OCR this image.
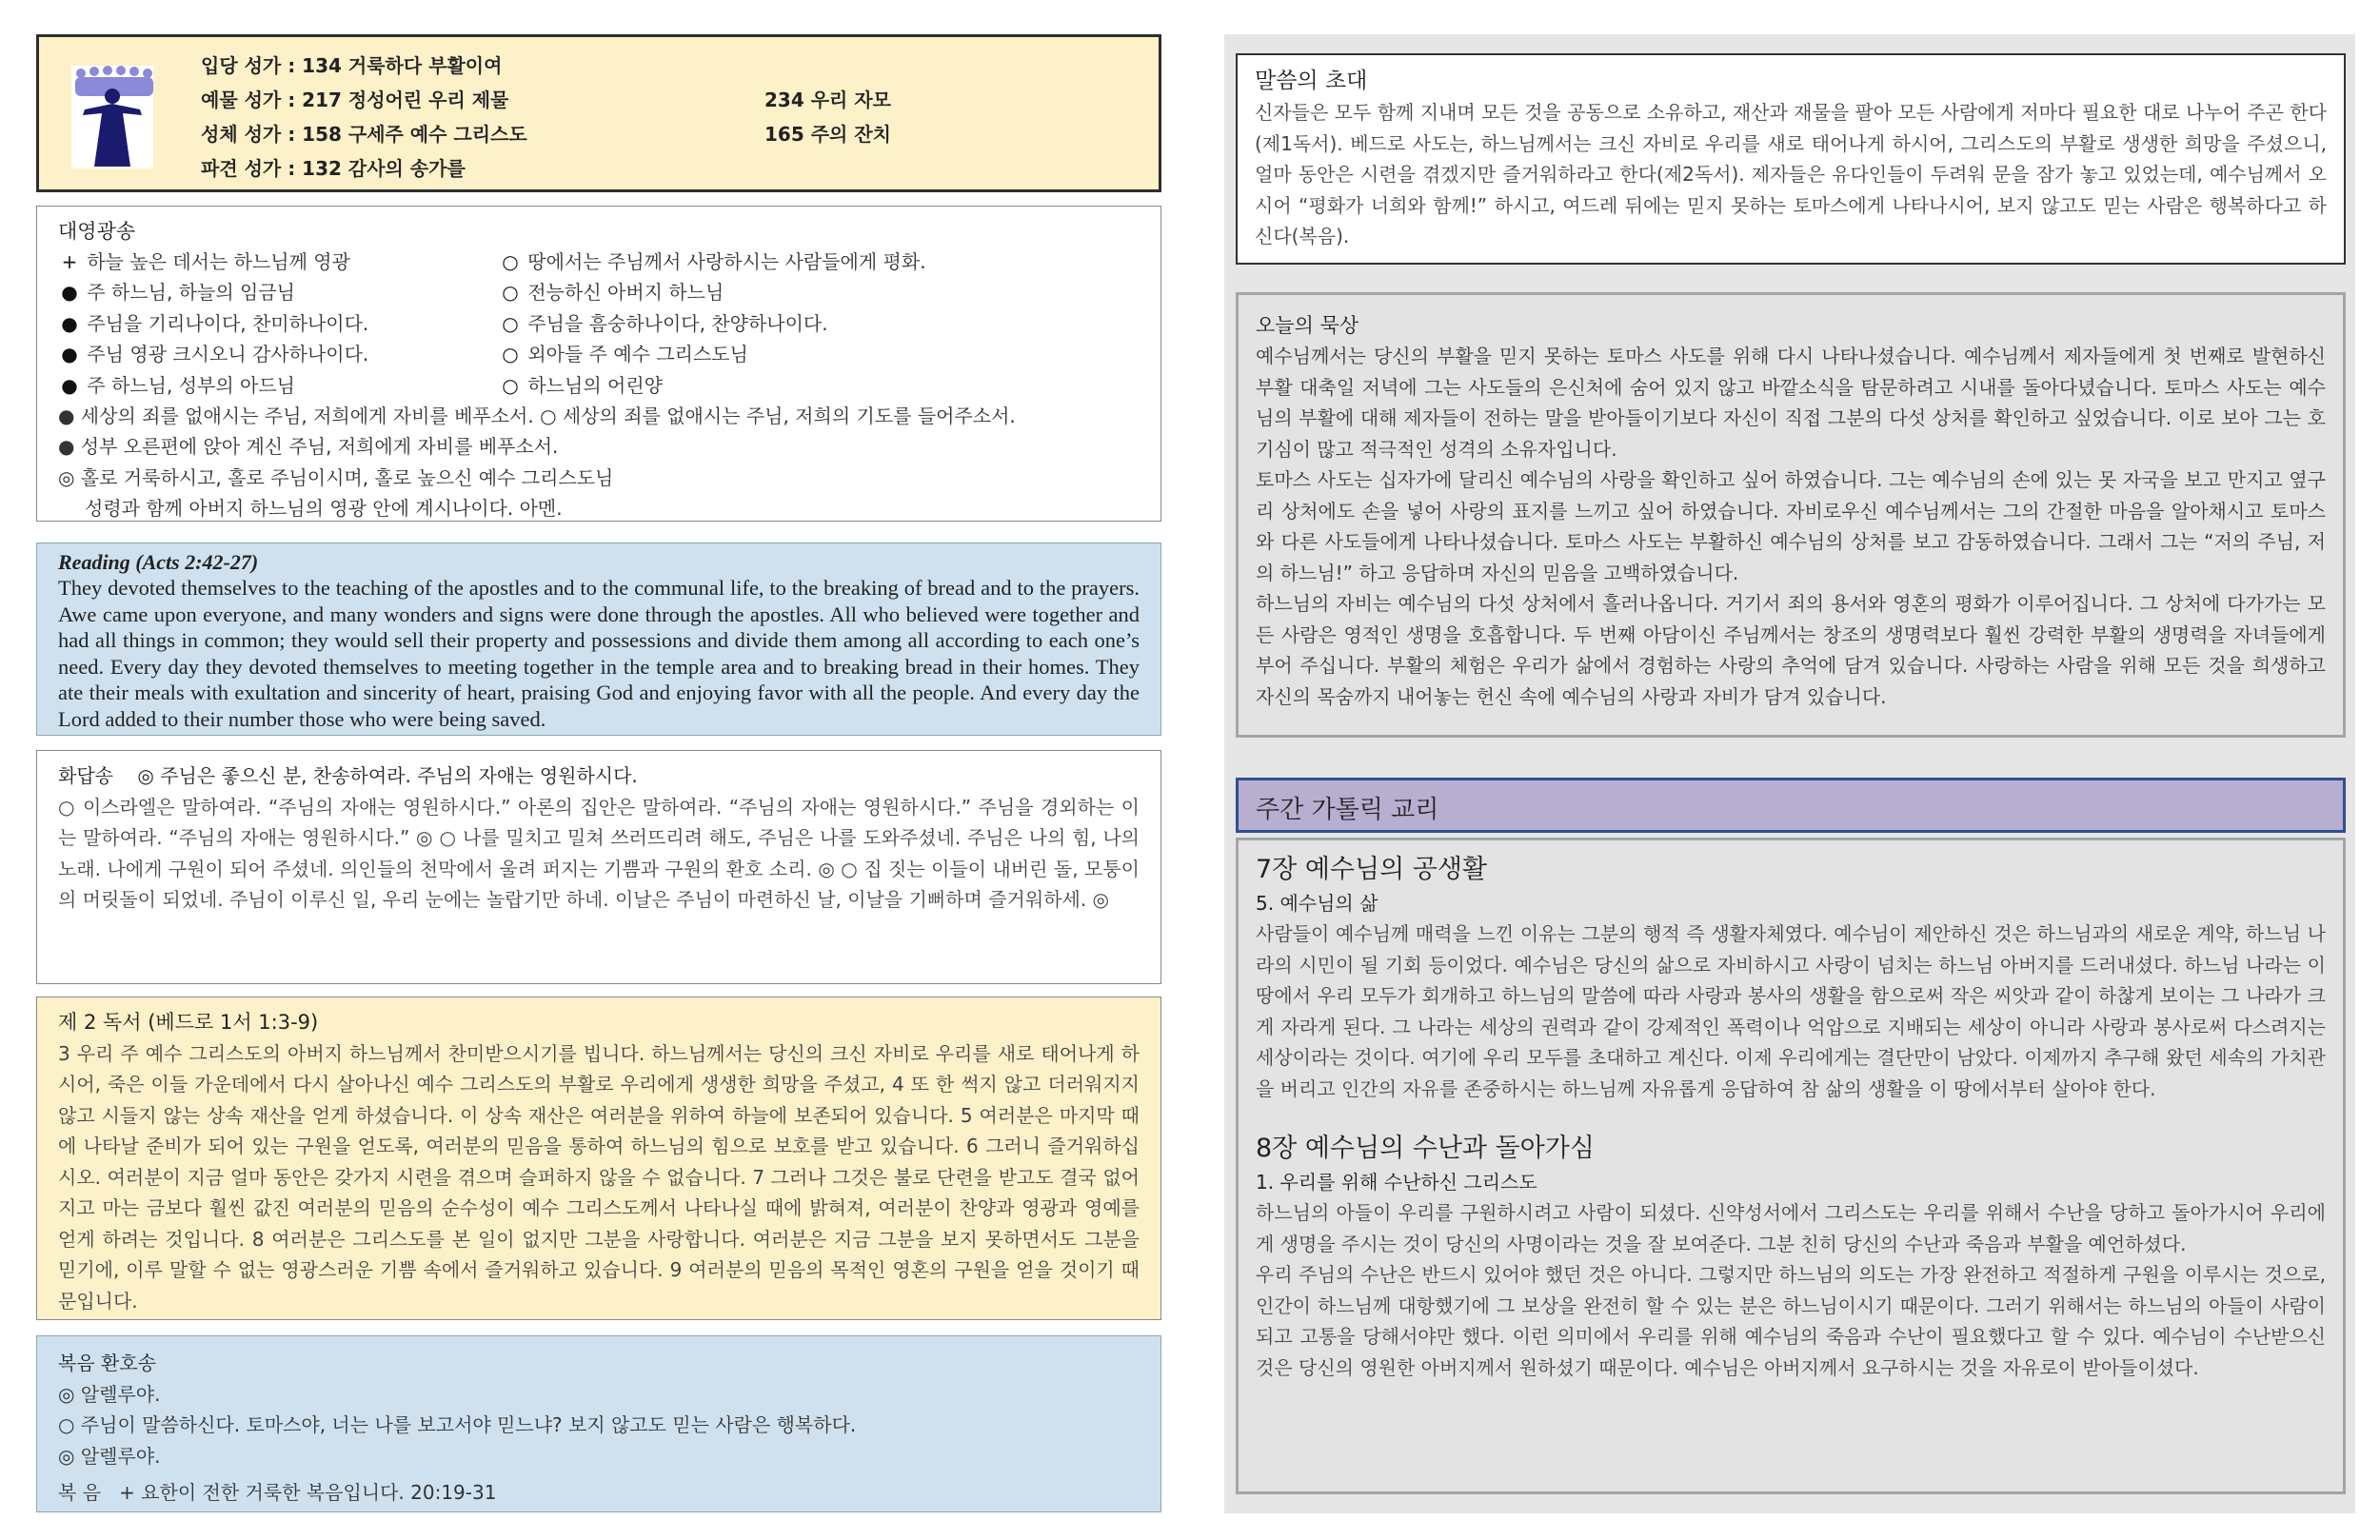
입당 성가 : 134 거룩하다 부활이여
예물 성가 : 217 정성어린 우리 제물	234 우리 자모
성체 성가 : 158 구세주 예수 그리스도	165 주의 잔치
파견 성가 : 132 감사의 송가를
대영광송
+ 하늘 높은 데서는 하느님께 영광	○ 땅에서는 주님께서 사랑하시는 사람들에게 평화.
● 주 하느님, 하늘의 임금님	○ 전능하신 아버지 하느님
● 주님을 기리나이다, 찬미하나이다.	○ 주님을 흠숭하나이다, 찬양하나이다.
● 주님 영광 크시오니 감사하나이다.	○ 외아들 주 예수 그리스도님
● 주 하느님, 성부의 아드님	○ 하느님의 어린양
● 세상의 죄를 없애시는 주님, 저희에게 자비를 베푸소서. ○ 세상의 죄를 없애시는 주님, 저희의 기도를 들어주소서.
● 성부 오른편에 앉아 계신 주님, 저희에게 자비를 베푸소서.
◎ 홀로 거룩하시고, 홀로 주님이시며, 홀로 높으신 예수 그리스도님
성령과 함께 아버지 하느님의 영광 안에 계시나이다. 아멘.
Reading (Acts 2:42-27)
They devoted themselves to the teaching of the apostles and to the communal life, to the breaking of bread and to the prayers. Awe came upon everyone, and many wonders and signs were done through the apostles. All who believed were together and had all things in common; they would sell their property and possessions and divide them among all according to each one’s need. Every day they devoted themselves to meeting together in the temple area and to breaking bread in their homes. They ate their meals with exultation and sincerity of heart, praising God and enjoying favor with all the people. And every day the Lord added to their number those who were being saved.
화답송 ◎ 주님은 좋으신 분, 찬송하여라. 주님의 자애는 영원하시다.
○ 이스라엘은 말하여라. “주님의 자애는 영원하시다.” 아론의 집안은 말하여라. “주님의 자애는 영원하시다.” 주님을 경외하는 이는 말하여라. “주님의 자애는 영원하시다.” ◎ ○ 나를 밀치고 밀쳐 쓰러뜨리려 해도, 주님은 나를 도와주셨네. 주님은 나의 힘, 나의 노래. 나에게 구원이 되어 주셨네. 의인들의 천막에서 울려 퍼지는 기쁨과 구원의 환호 소리. ◎ ○ 집 짓는 이들이 내버린 돌, 모퉁이의 머릿돌이 되었네. 주님이 이루신 일, 우리 눈에는 놀랍기만 하네. 이날은 주님이 마련하신 날, 이날을 기뻐하며 즐거워하세. ◎
제 2 독서 (베드로 1서 1:3-9)
3 우리 주 예수 그리스도의 아버지 하느님께서 찬미받으시기를 빕니다. 하느님께서는 당신의 크신 자비로 우리를 새로 태어나게 하시어, 죽은 이들 가운데에서 다시 살아나신 예수 그리스도의 부활로 우리에게 생생한 희망을 주셨고, 4 또 한 썩지 않고 더러워지지 않고 시들지 않는 상속 재산을 얻게 하셨습니다. 이 상속 재산은 여러분을 위하여 하늘에 보존되어 있습니다. 5 여러분은 마지막 때에 나타날 준비가 되어 있는 구원을 얻도록, 여러분의 믿음을 통하여 하느님의 힘으로 보호를 받고 있습니다. 6 그러니 즐거워하십시오. 여러분이 지금 얼마 동안은 갖가지 시련을 겪으며 슬퍼하지 않을 수 없습니다. 7 그러나 그것은 불로 단련을 받고도 결국 없어지고 마는 금보다 훨씬 값진 여러분의 믿음의 순수성이 예수 그리스도께서 나타나실 때에 밝혀져, 여러분이 찬양과 영광과 영예를 얻게 하려는 것입니다. 8 여러분은 그리스도를 본 일이 없지만 그분을 사랑합니다. 여러분은 지금 그분을 보지 못하면서도 그분을 믿기에, 이루 말할 수 없는 영광스러운 기쁨 속에서 즐거워하고 있습니다. 9 여러분의 믿음의 목적인 영혼의 구원을 얻을 것이기 때문입니다.
복음 환호송
◎ 알렐루야.
○ 주님이 말씀하신다. 토마스야, 너는 나를 보고서야 믿느냐? 보지 않고도 믿는 사람은 행복하다.
◎ 알렐루야.
복 음   + 요한이 전한 거룩한 복음입니다. 20:19-31
말씀의 초대
신자들은 모두 함께 지내며 모든 것을 공동으로 소유하고, 재산과 재물을 팔아 모든 사람에게 저마다 필요한 대로 나누어 주곤 한다(제1독서). 베드로 사도는, 하느님께서는 크신 자비로 우리를 새로 태어나게 하시어, 그리스도의 부활로 생생한 희망을 주셨으니, 얼마 동안은 시련을 겪겠지만 즐거워하라고 한다(제2독서). 제자들은 유다인들이 두려워 문을 잠가 놓고 있었는데, 예수님께서 오시어 “평화가 너희와 함께!” 하시고, 여드레 뒤에는 믿지 못하는 토마스에게 나타나시어, 보지 않고도 믿는 사람은 행복하다고 하신다(복음).
오늘의 묵상
예수님께서는 당신의 부활을 믿지 못하는 토마스 사도를 위해 다시 나타나셨습니다. 예수님께서 제자들에게 첫 번째로 발현하신 부활 대축일 저녁에 그는 사도들의 은신처에 숨어 있지 않고 바깥소식을 탐문하려고 시내를 돌아다녔습니다. 토마스 사도는 예수님의 부활에 대해 제자들이 전하는 말을 받아들이기보다 자신이 직접 그분의 다섯 상처를 확인하고 싶었습니다. 이로 보아 그는 호기심이 많고 적극적인 성격의 소유자입니다.
토마스 사도는 십자가에 달리신 예수님의 사랑을 확인하고 싶어 하였습니다. 그는 예수님의 손에 있는 못 자국을 보고 만지고 옆구리 상처에도 손을 넣어 사랑의 표지를 느끼고 싶어 하였습니다. 자비로우신 예수님께서는 그의 간절한 마음을 알아채시고 토마스와 다른 사도들에게 나타나셨습니다. 토마스 사도는 부활하신 예수님의 상처를 보고 감동하였습니다. 그래서 그는 “저의 주님, 저의 하느님!” 하고 응답하며 자신의 믿음을 고백하였습니다.
하느님의 자비는 예수님의 다섯 상처에서 흘러나옵니다. 거기서 죄의 용서와 영혼의 평화가 이루어집니다. 그 상처에 다가가는 모든 사람은 영적인 생명을 호흡합니다. 두 번째 아담이신 주님께서는 창조의 생명력보다 훨씬 강력한 부활의 생명력을 자녀들에게 부어 주십니다. 부활의 체험은 우리가 삶에서 경험하는 사랑의 추억에 담겨 있습니다. 사랑하는 사람을 위해 모든 것을 희생하고 자신의 목숨까지 내어놓는 헌신 속에 예수님의 사랑과 자비가 담겨 있습니다.
주간 가톨릭 교리
7장 예수님의 공생활
5. 예수님의 삶
사람들이 예수님께 매력을 느낀 이유는 그분의 행적 즉 생활자체였다. 예수님이 제안하신 것은 하느님과의 새로운 계약, 하느님 나라의 시민이 될 기회 등이었다. 예수님은 당신의 삶으로 자비하시고 사랑이 넘치는 하느님 아버지를 드러내셨다. 하느님 나라는 이 땅에서 우리 모두가 회개하고 하느님의 말씀에 따라 사랑과 봉사의 생활을 함으로써 작은 씨앗과 같이 하찮게 보이는 그 나라가 크게 자라게 된다. 그 나라는 세상의 권력과 같이 강제적인 폭력이나 억압으로 지배되는 세상이 아니라 사랑과 봉사로써 다스려지는 세상이라는 것이다. 여기에 우리 모두를 초대하고 계신다. 이제 우리에게는 결단만이 남았다. 이제까지 추구해 왔던 세속의 가치관을 버리고 인간의 자유를 존중하시는 하느님께 자유롭게 응답하여 참 삶의 생활을 이 땅에서부터 살아야 한다.
8장 예수님의 수난과 돌아가심
1. 우리를 위해 수난하신 그리스도
하느님의 아들이 우리를 구원하시려고 사람이 되셨다. 신약성서에서 그리스도는 우리를 위해서 수난을 당하고 돌아가시어 우리에게 생명을 주시는 것이 당신의 사명이라는 것을 잘 보여준다. 그분 친히 당신의 수난과 죽음과 부활을 예언하셨다.
우리 주님의 수난은 반드시 있어야 했던 것은 아니다. 그렇지만 하느님의 의도는 가장 완전하고 적절하게 구원을 이루시는 것으로, 인간이 하느님께 대항했기에 그 보상을 완전히 할 수 있는 분은 하느님이시기 때문이다. 그러기 위해서는 하느님의 아들이 사람이 되고 고통을 당해서야만 했다. 이런 의미에서 우리를 위해 예수님의 죽음과 수난이 필요했다고 할 수 있다. 예수님이 수난받으신 것은 당신의 영원한 아버지께서 원하셨기 때문이다. 예수님은 아버지께서 요구하시는 것을 자유로이 받아들이셨다.
